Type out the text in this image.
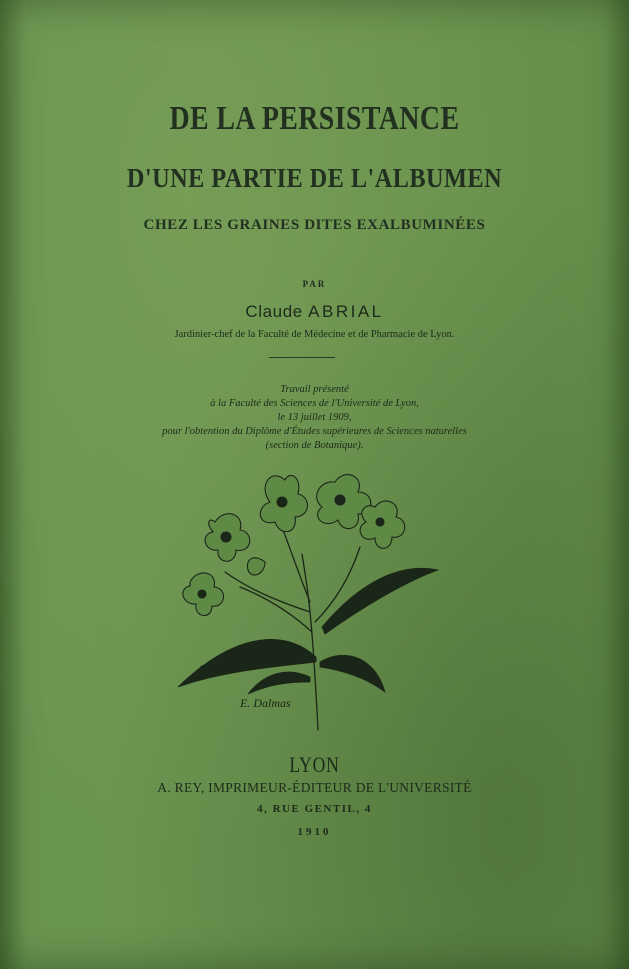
DE LA PERSISTANCE
D'UNE PARTIE DE L'ALBUMEN
CHEZ LES GRAINES DITES EXALBUMINÉES
PAR
Claude ABRIAL
Jardinier-chef de la Faculté de Médecine et de Pharmacie de Lyon.
Travail présenté
à la Faculté des Sciences de l'Université de Lyon,
le 13 juillet 1909,
pour l'obtention du Diplôme d'Études supérieures de Sciences naturelles
(section de Botanique).
E. Dalmas
LYON
A. REY, IMPRIMEUR-ÉDITEUR DE L'UNIVERSITÉ
4, RUE GENTIL, 4
1910
